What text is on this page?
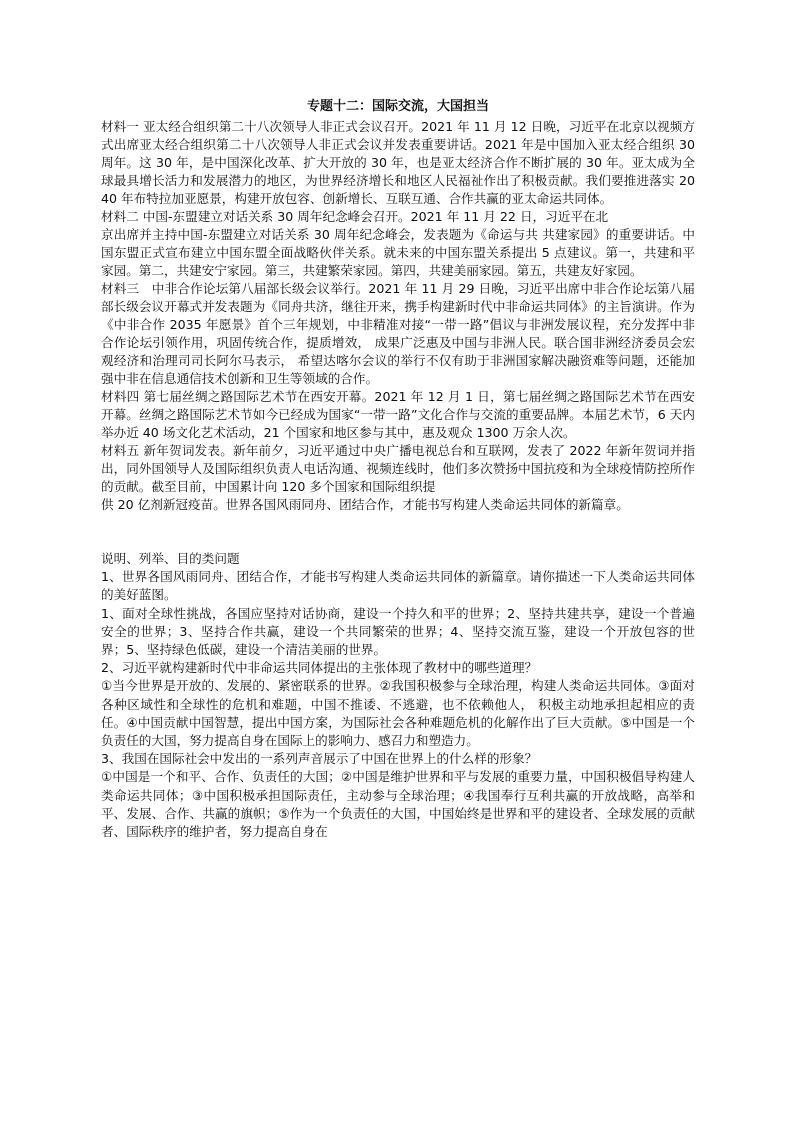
专题十二：国际交流，大国担当

材料一 亚太经合组织第二十八次领导人非正式会议召开。2021 年 11 月 12 日晚，习近平在北京以视频方式出席亚太经合组织第二十八次领导人非正式会议并发表重要讲话。2021 年是中国加入亚太经合组织 30 周年。这 30 年，是中国深化改革、扩大开放的 30 年，也是亚太经济合作不断扩展的 30 年。亚太成为全球最具增长活力和发展潜力的地区，为世界经济增长和地区人民福祉作出了积极贡献。我们要推进落实 2040 年布特拉加亚愿景，构建开放包容、创新增长、互联互通、合作共赢的亚太命运共同体。

材料二 中国-东盟建立对话关系 30 周年纪念峰会召开。2021 年 11 月 22 日，习近平在北

京出席并主持中国-东盟建立对话关系 30 周年纪念峰会，发表题为《命运与共 共建家园》的重要讲话。中国东盟正式宣布建立中国东盟全面战略伙伴关系。就未来的中国东盟关系提出 5 点建议。第一，共建和平家园。第二，共建安宁家园。第三，共建繁荣家园。第四，共建美丽家园。第五，共建友好家园。

材料三　中非合作论坛第八届部长级会议举行。2021 年 11 月 29 日晚，习近平出席中非合作论坛第八届部长级会议开幕式并发表题为《同舟共济，继往开来，携手构建新时代中非命运共同体》的主旨演讲。作为《中非合作 2035 年愿景》首个三年规划，中非精准对接“一带一路”倡议与非洲发展议程，充分发挥中非合作论坛引领作用，巩固传统合作，提质增效， 成果广泛惠及中国与非洲人民。联合国非洲经济委员会宏观经济和治理司司长阿尔马表示， 希望达喀尔会议的举行不仅有助于非洲国家解决融资难等问题，还能加强中非在信息通信技术创新和卫生等领域的合作。

材料四 第七届丝绸之路国际艺术节在西安开幕。2021 年 12 月 1 日，第七届丝绸之路国际艺术节在西安开幕。丝绸之路国际艺术节如今已经成为国家“一带一路”文化合作与交流的重要品牌。本届艺术节，6 天内举办近 40 场文化艺术活动，21 个国家和地区参与其中，惠及观众 1300 万余人次。

材料五 新年贺词发表。新年前夕，习近平通过中央广播电视总台和互联网，发表了 2022 年新年贺词并指出，同外国领导人及国际组织负责人电话沟通、视频连线时，他们多次赞扬中国抗疫和为全球疫情防控所作的贡献。截至目前，中国累计向 120 多个国家和国际组织提

供 20 亿剂新冠疫苗。世界各国风雨同舟、团结合作，才能书写构建人类命运共同体的新篇章。

说明、列举、目的类问题

1、世界各国风雨同舟、团结合作，才能书写构建人类命运共同体的新篇章。请你描述一下人类命运共同体的美好蓝图。

1、面对全球性挑战，各国应坚持对话协商，建设一个持久和平的世界；2、坚持共建共享，建设一个普遍安全的世界；3、坚持合作共赢，建设一个共同繁荣的世界；4、坚持交流互鉴，建设一个开放包容的世界；5、坚持绿色低碳，建设一个清洁美丽的世界。

2、习近平就构建新时代中非命运共同体提出的主张体现了教材中的哪些道理？

①当今世界是开放的、发展的、紧密联系的世界。②我国积极参与全球治理，构建人类命运共同体。③面对各种区域性和全球性的危机和难题，中国不推诿、不逃避，也不依赖他人， 积极主动地承担起相应的责任。④中国贡献中国智慧，提出中国方案，为国际社会各种难题危机的化解作出了巨大贡献。⑤中国是一个负责任的大国，努力提高自身在国际上的影响力、感召力和塑造力。

3、我国在国际社会中发出的一系列声音展示了中国在世界上的什么样的形象？

①中国是一个和平、合作、负责任的大国；②中国是维护世界和平与发展的重要力量，中国积极倡导构建人类命运共同体；③中国积极承担国际责任，主动参与全球治理；④我国奉行互利共赢的开放战略，高举和平、发展、合作、共赢的旗帜；⑤作为一个负责任的大国，中国始终是世界和平的建设者、全球发展的贡献者、国际秩序的维护者，努力提高自身在
